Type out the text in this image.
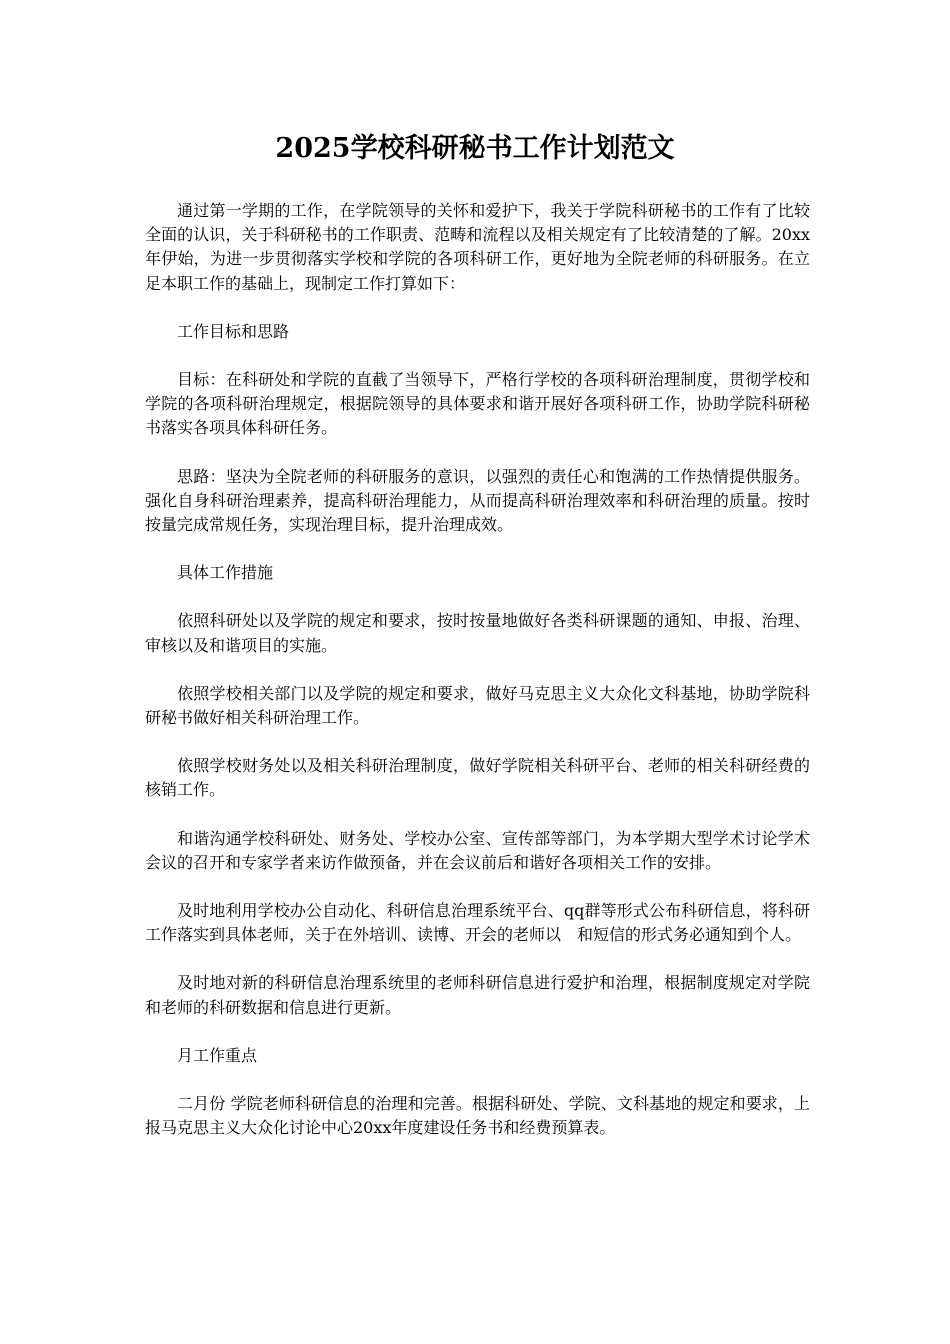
2025学校科研秘书工作计划范文

通过第一学期的工作，在学院领导的关怀和爱护下，我关于学院科研秘书的工作有了比较全面的认识，关于科研秘书的工作职责、范畴和流程以及相关规定有了比较清楚的了解。20xx年伊始，为进一步贯彻落实学校和学院的各项科研工作，更好地为全院老师的科研服务。在立足本职工作的基础上，现制定工作打算如下：

工作目标和思路

目标：在科研处和学院的直截了当领导下，严格行学校的各项科研治理制度，贯彻学校和学院的各项科研治理规定，根据院领导的具体要求和谐开展好各项科研工作，协助学院科研秘书落实各项具体科研任务。

思路：坚决为全院老师的科研服务的意识，以强烈的责任心和饱满的工作热情提供服务。强化自身科研治理素养，提高科研治理能力，从而提高科研治理效率和科研治理的质量。按时按量完成常规任务，实现治理目标，提升治理成效。

具体工作措施

依照科研处以及学院的规定和要求，按时按量地做好各类科研课题的通知、申报、治理、审核以及和谐项目的实施。

依照学校相关部门以及学院的规定和要求，做好马克思主义大众化文科基地，协助学院科研秘书做好相关科研治理工作。

依照学校财务处以及相关科研治理制度，做好学院相关科研平台、老师的相关科研经费的核销工作。

和谐沟通学校科研处、财务处、学校办公室、宣传部等部门，为本学期大型学术讨论学术会议的召开和专家学者来访作做预备，并在会议前后和谐好各项相关工作的安排。

及时地利用学校办公自动化、科研信息治理系统平台、qq群等形式公布科研信息，将科研工作落实到具体老师，关于在外培训、读博、开会的老师以　和短信的形式务必通知到个人。

及时地对新的科研信息治理系统里的老师科研信息进行爱护和治理，根据制度规定对学院和老师的科研数据和信息进行更新。

月工作重点

二月份 学院老师科研信息的治理和完善。根据科研处、学院、文科基地的规定和要求，上报马克思主义大众化讨论中心20xx年度建设任务书和经费预算表。
